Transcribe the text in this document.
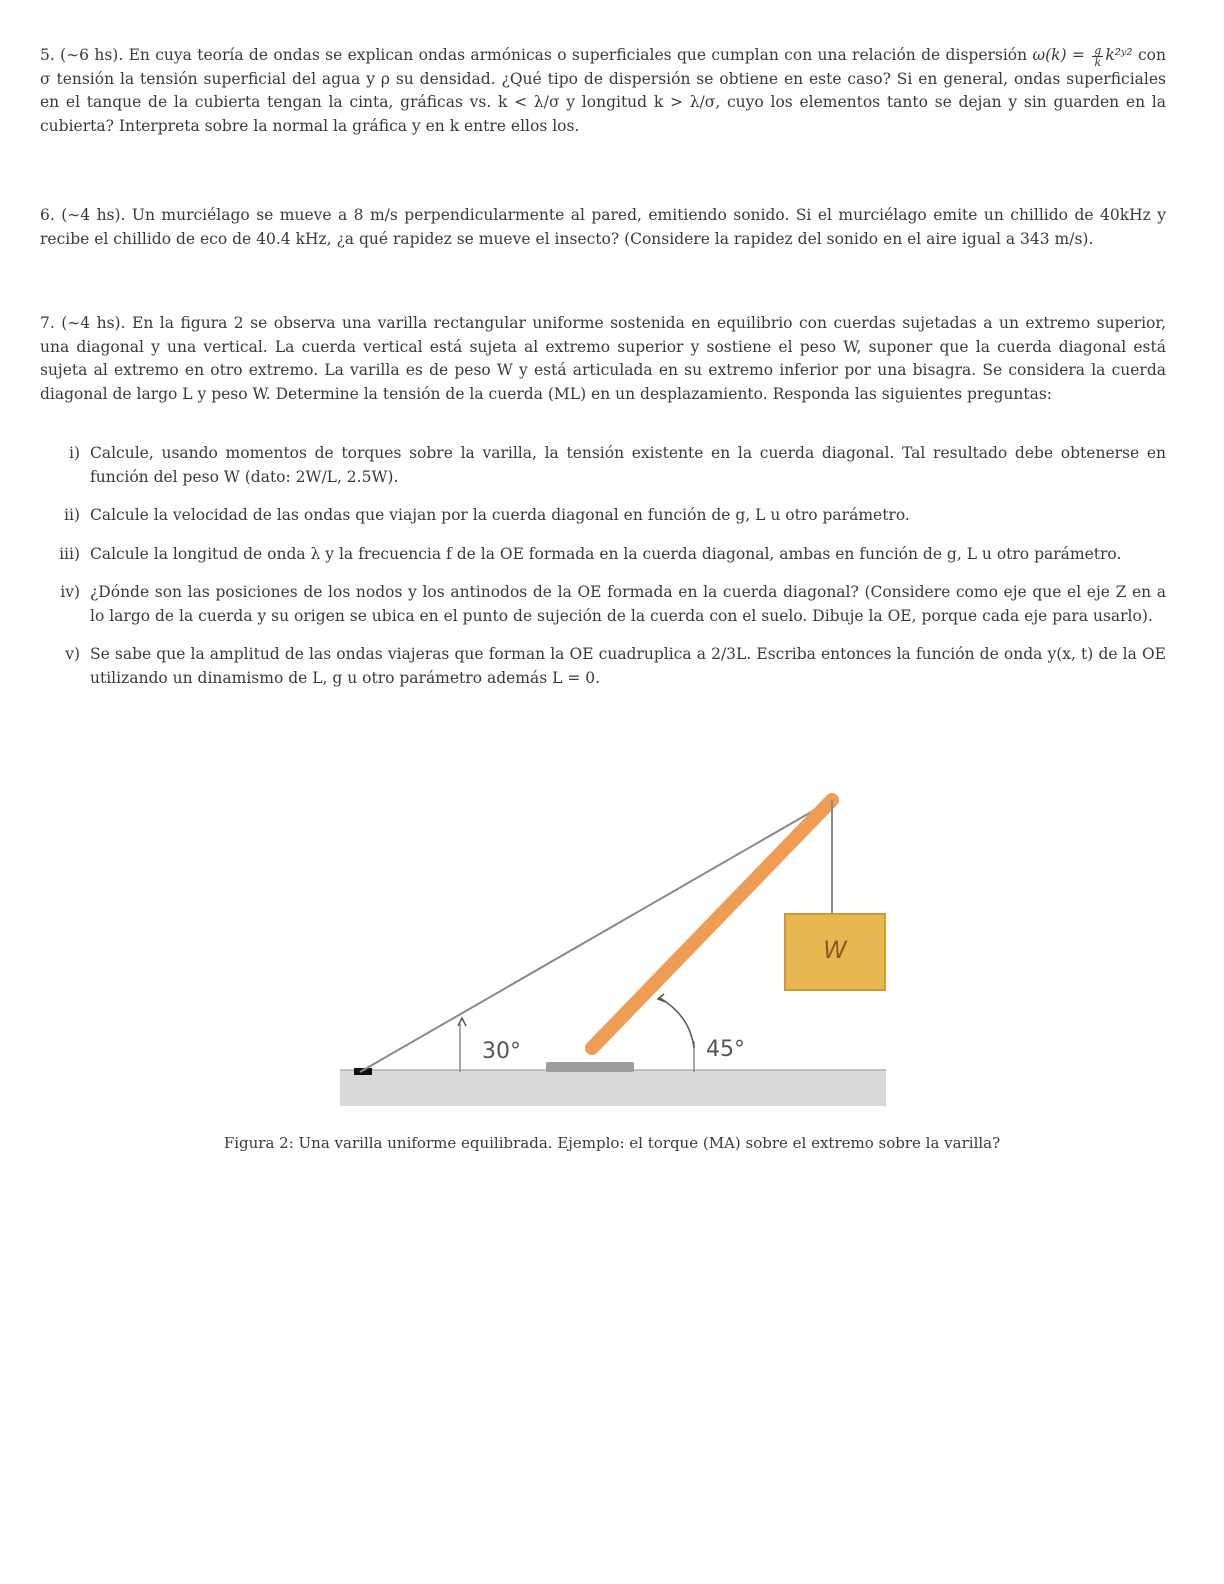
5. (∼6 hs). En cuya teoría de ondas se explican ondas armónicas o superficiales que cumplan con una relación de dispersión $\omega(k) = \frac{g}{k}$ k²ʸ² con σ tensión la tensión superficial del agua y ρ su densidad. ¿Qué tipo de dispersión se obtiene en este caso? Si en general, ondas superficiales en el tanque de la cubierta tengan la cinta, gráficas vs. k < λ/σ y longitud k > λ/σ, cuyo los elementos tanto se dejan y sin guarden en la cubierta? Interpreta sobre la normal la gráfica y en k entre ellos los.

6. (∼4 hs). Un murciélago se mueve a 8 m/s perpendicularmente al pared, emitiendo sonido. Si el murciélago emite un chillido de 40kHz y recibe el chillido de eco de 40.4 kHz, ¿a qué rapidez se mueve el insecto? (Considere la rapidez del sonido en el aire igual a 343 m/s).

7. (∼4 hs). En la figura 2 se observa una varilla rectangular uniforme sostenida en equilibrio con cuerdas sujetadas a un extremo superior, una diagonal y una vertical. La cuerda vertical está sujeta al extremo superior y sostiene el peso W, suponer que la cuerda diagonal está sujeta al extremo en otro extremo. La varilla es de peso W y está articulada en su extremo inferior por una bisagra. Se considera la cuerda diagonal de largo L y peso W. Determine la tensión de la cuerda (ML) en un desplazamiento. Responda las siguientes preguntas:

i) Calcule, usando momentos de torques sobre la varilla, la tensión existente en la cuerda diagonal. Tal resultado debe obtenerse en función del peso W (dato: 2W/L, 2.5W).
ii) Calcule la velocidad de las ondas que viajan por la cuerda diagonal en función de g, L u otro parámetro.
iii) Calcule la longitud de onda λ y la frecuencia f de la OE formada en la cuerda diagonal, ambas en función de g, L u otro parámetro.
iv) ¿Dónde son las posiciones de los nodos y los antinodos de la OE formada en la cuerda diagonal? (Considere como eje que el eje Z en a lo largo de la cuerda y su origen se ubica en el punto de sujeción de la cuerda con el suelo. Dibuje la OE, porque cada eje para usarlo).
v) Se sabe que la amplitud de las ondas viajeras que forman la OE cuadruplica a 2/3L. Escriba entonces la función de onda y(x, t) de la OE utilizando un dinamismo de L, g u otro parámetro además L = 0.
W
30°	45°
Figura 2: Una varilla uniforme equilibrada. Ejemplo: el torque (MA) sobre el extremo sobre la varilla?
